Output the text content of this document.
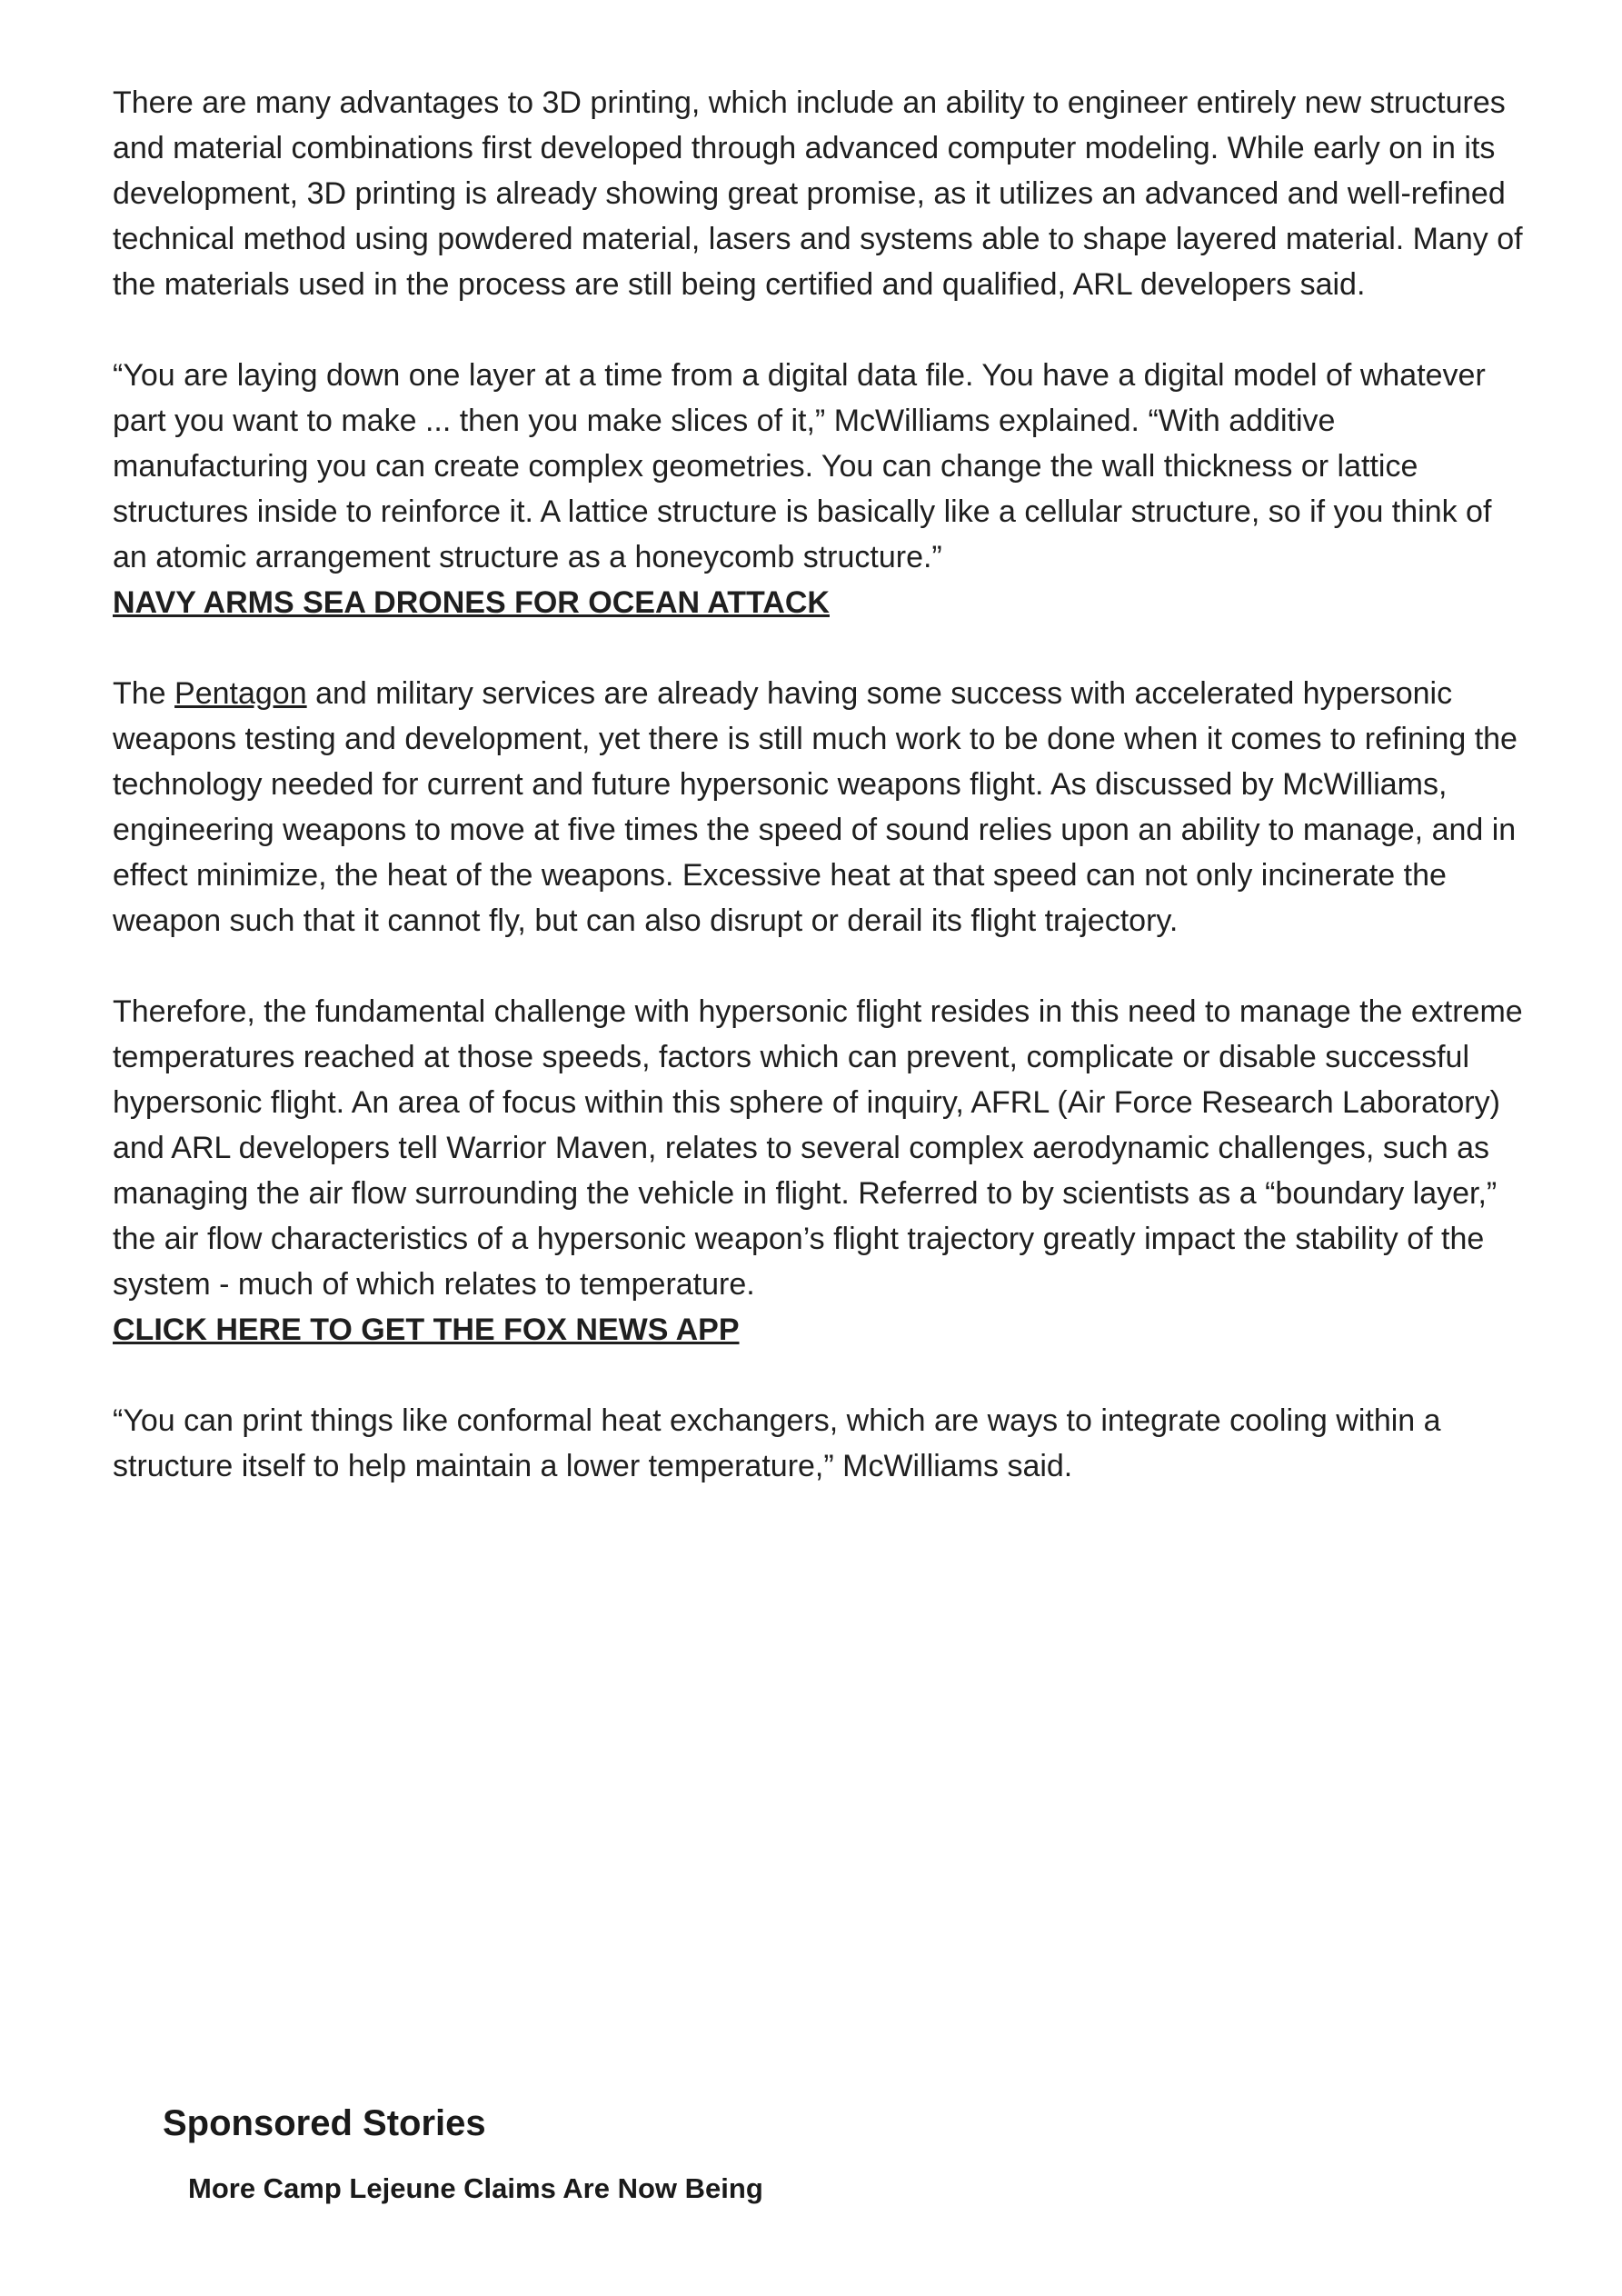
There are many advantages to 3D printing, which include an ability to engineer entirely new structures and material combinations first developed through advanced computer modeling. While early on in its development, 3D printing is already showing great promise, as it utilizes an advanced and well-refined technical method using powdered material, lasers and systems able to shape layered material. Many of the materials used in the process are still being certified and qualified, ARL developers said.

“You are laying down one layer at a time from a digital data file. You have a digital model of whatever part you want to make ... then you make slices of it,” McWilliams explained. “With additive manufacturing you can create complex geometries. You can change the wall thickness or lattice structures inside to reinforce it. A lattice structure is basically like a cellular structure, so if you think of an atomic arrangement structure as a honeycomb structure.”

NAVY ARMS SEA DRONES FOR OCEAN ATTACK

The Pentagon and military services are already having some success with accelerated hypersonic weapons testing and development, yet there is still much work to be done when it comes to refining the technology needed for current and future hypersonic weapons flight. As discussed by McWilliams, engineering weapons to move at five times the speed of sound relies upon an ability to manage, and in effect minimize, the heat of the weapons. Excessive heat at that speed can not only incinerate the weapon such that it cannot fly, but can also disrupt or derail its flight trajectory.

Therefore, the fundamental challenge with hypersonic flight resides in this need to manage the extreme temperatures reached at those speeds, factors which can prevent, complicate or disable successful hypersonic flight. An area of focus within this sphere of inquiry, AFRL (Air Force Research Laboratory) and ARL developers tell Warrior Maven, relates to several complex aerodynamic challenges, such as managing the air flow surrounding the vehicle in flight. Referred to by scientists as a “boundary layer,” the air flow characteristics of a hypersonic weapon’s flight trajectory greatly impact the stability of the system - much of which relates to temperature.

CLICK HERE TO GET THE FOX NEWS APP

“You can print things like conformal heat exchangers, which are ways to integrate cooling within a structure itself to help maintain a lower temperature,” McWilliams said.

Sponsored Stories
More Camp Lejeune Claims Are Now Being
